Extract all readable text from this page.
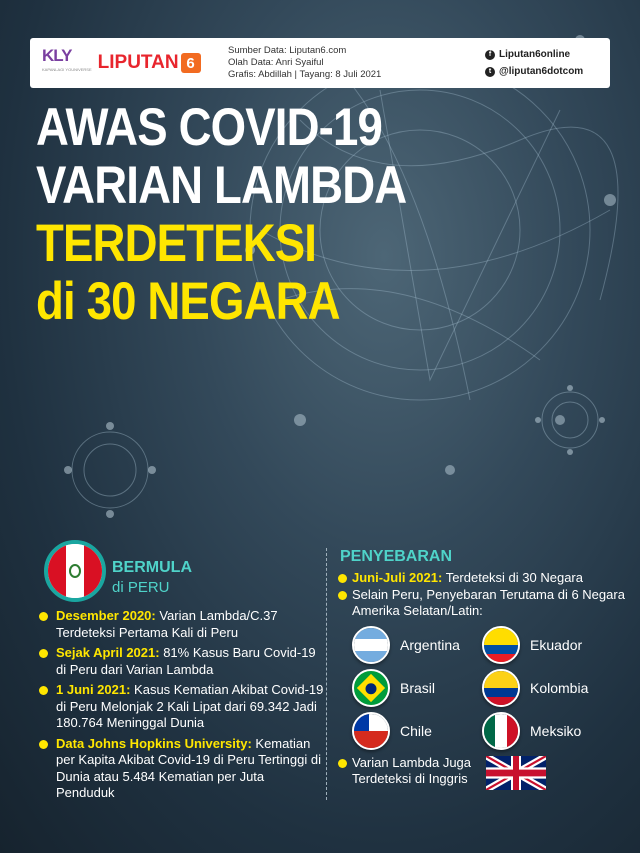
KLY
KAPANLAGI YOUNIVERSE LIPUTAN 6
Sumber Data: Liputan6.com
Olah Data: Anri Syaiful
Grafis: Abdillah | Tayang: 8 Juli 2021
f Liputan6online
t @liputan6dotcom
AWAS COVID-19
VARIAN LAMBDA
TERDETEKSI
di 30 NEGARA
BERMULA
di PERU
Desember 2020: Varian Lambda/C.37 Terdeteksi Pertama Kali di Peru
Sejak April 2021: 81% Kasus Baru Covid-19 di Peru dari Varian Lambda
1 Juni 2021: Kasus Kematian Akibat Covid-19 di Peru Melonjak 2 Kali Lipat dari 69.342 Jadi 180.764 Meninggal Dunia
Data Johns Hopkins University: Kematian per Kapita Akibat Covid-19 di Peru Tertinggi di Dunia atau 5.484 Kematian per Juta Penduduk
PENYEBARAN
Juni-Juli 2021: Terdeteksi di 30 Negara
Selain Peru, Penyebaran Terutama di 6 Negara Amerika Selatan/Latin:
Argentina	Ekuador
Brasil	Kolombia
Chile	Meksiko
Varian Lambda Juga Terdeteksi di Inggris
